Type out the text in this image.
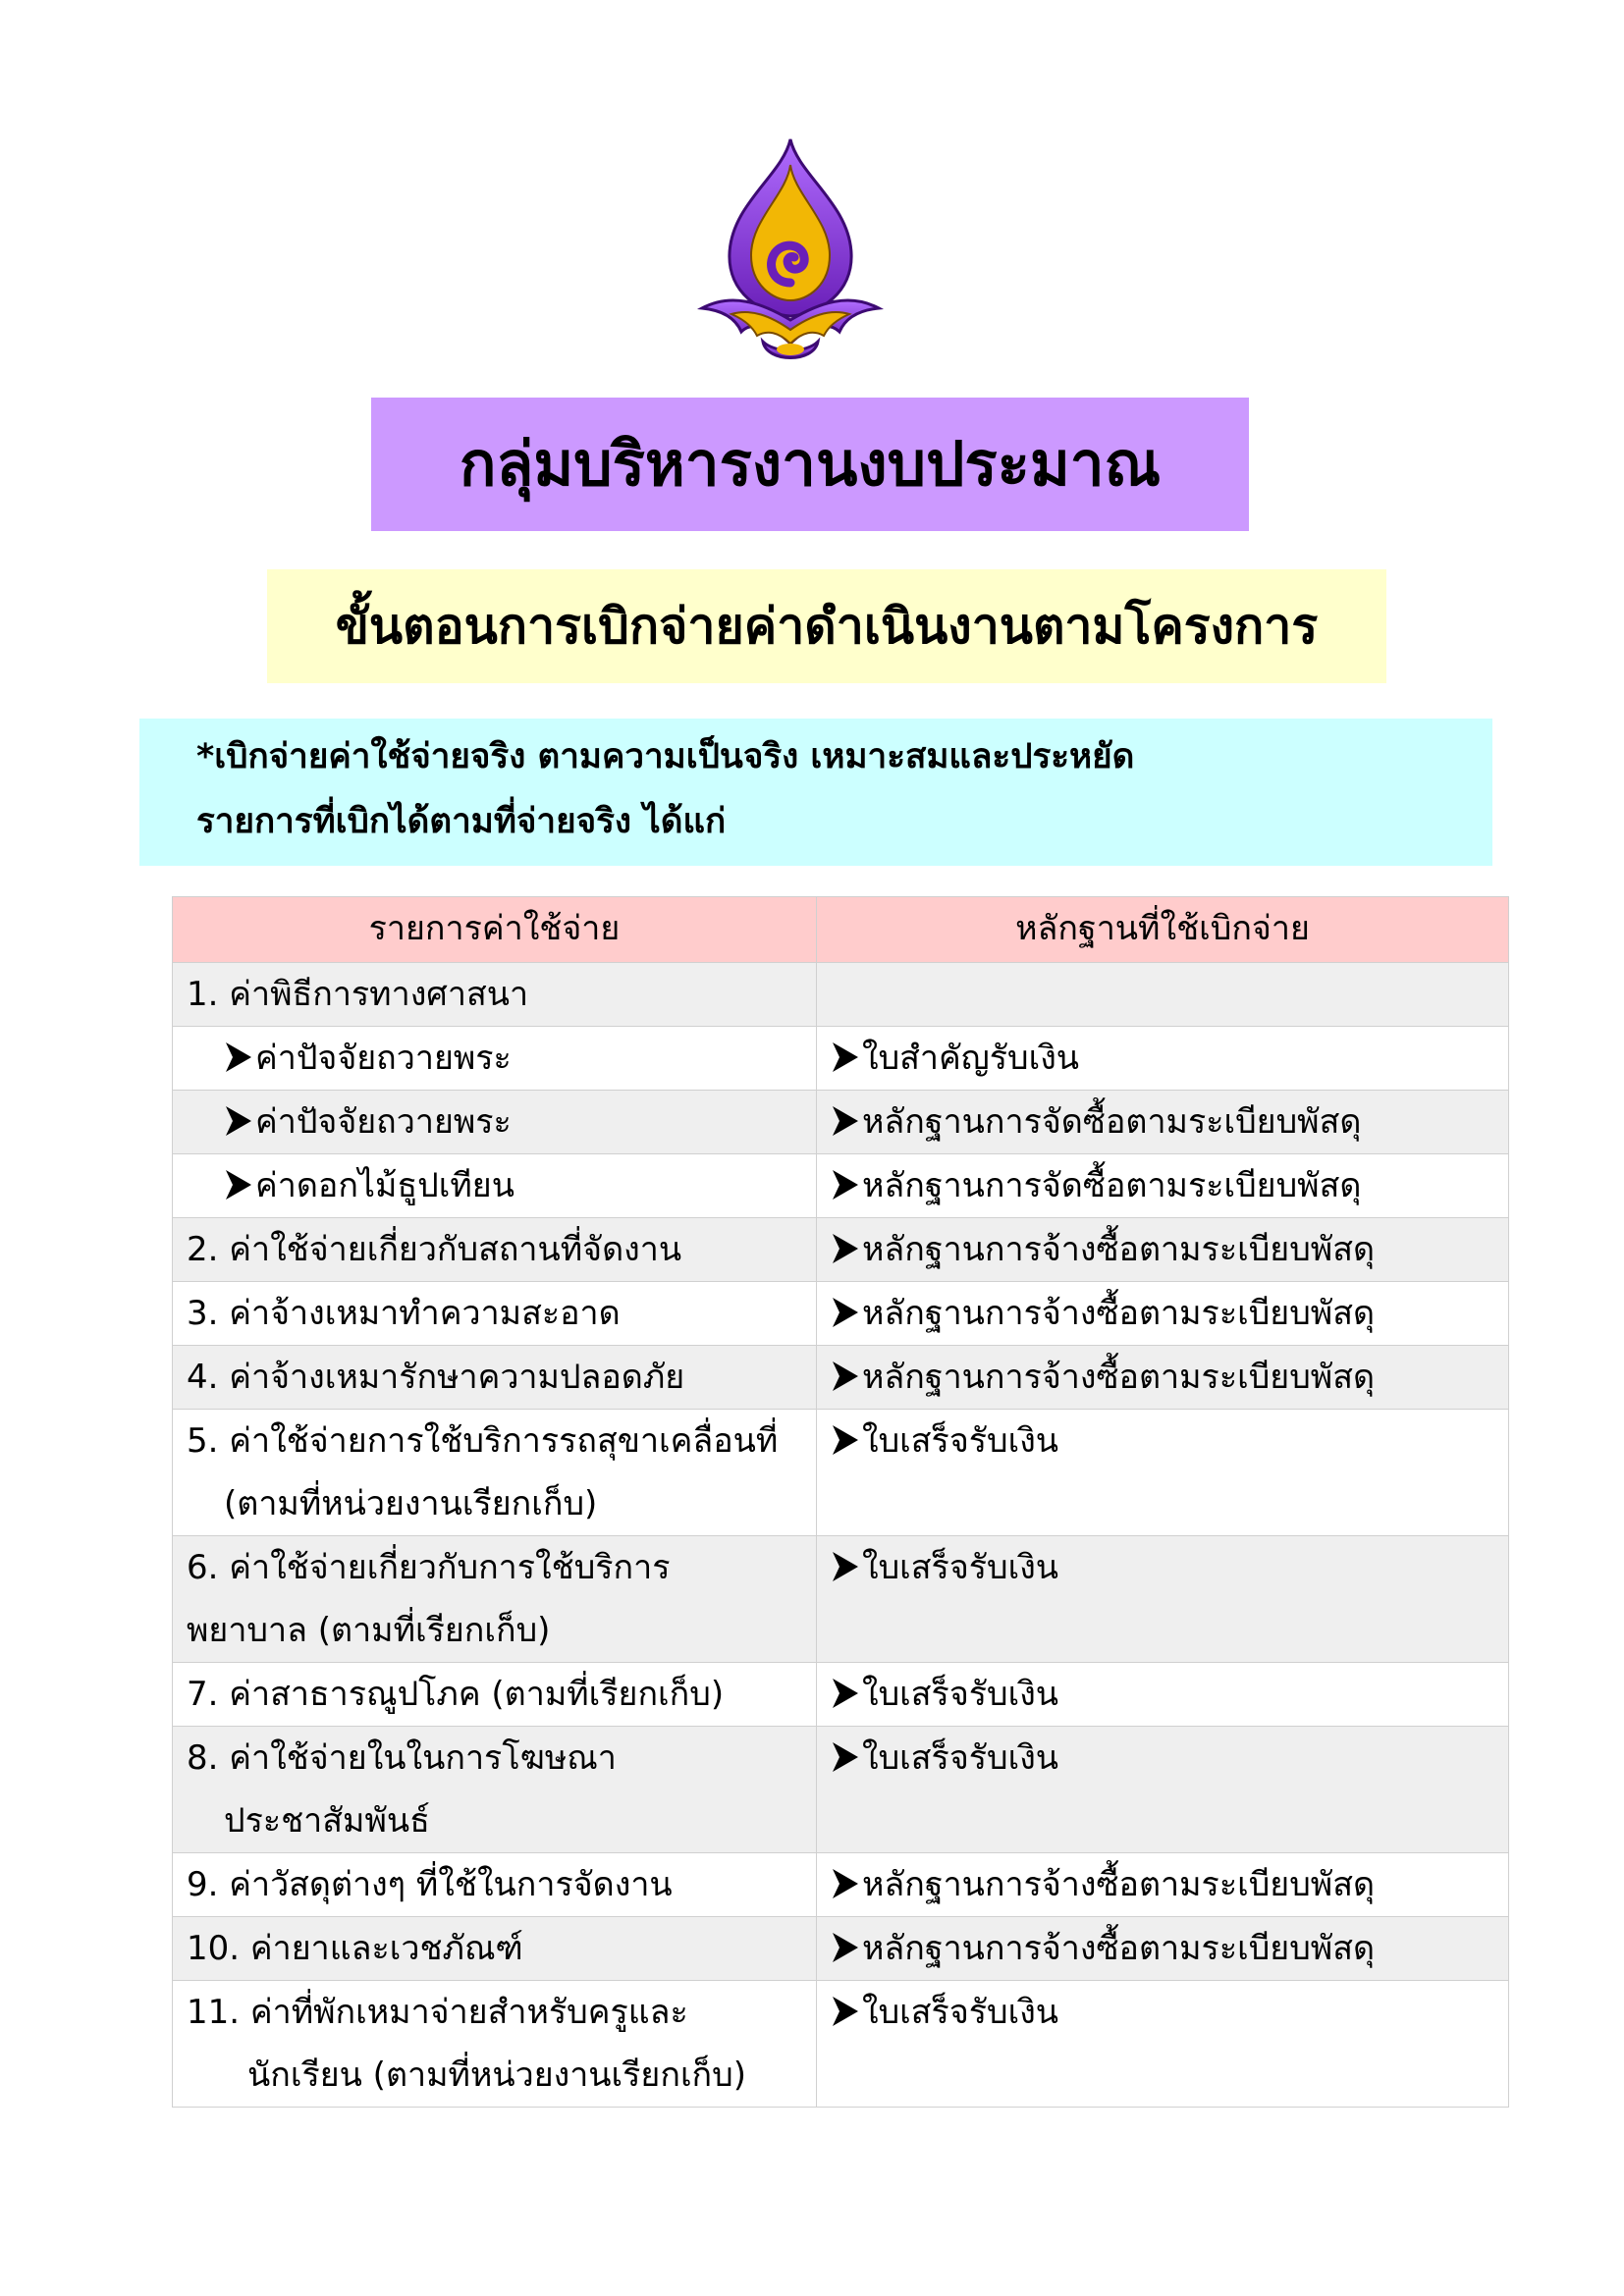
กลุ่มบริหารงานงบประมาณ
ขั้นตอนการเบิกจ่ายค่าดำเนินงานตามโครงการ
*เบิกจ่ายค่าใช้จ่ายจริง ตามความเป็นจริง เหมาะสมและประหยัด
รายการที่เบิกได้ตามที่จ่ายจริง ได้แก่
รายการค่าใช้จ่าย	หลักฐานที่ใช้เบิกจ่าย
1. ค่าพิธีการทางศาสนา	
ค่าปัจจัยถวายพระ	ใบสำคัญรับเงิน
ค่าปัจจัยถวายพระ	หลักฐานการจัดซื้อตามระเบียบพัสดุ
ค่าดอกไม้ธูปเทียน	หลักฐานการจัดซื้อตามระเบียบพัสดุ
2. ค่าใช้จ่ายเกี่ยวกับสถานที่จัดงาน	หลักฐานการจ้างซื้อตามระเบียบพัสดุ
3. ค่าจ้างเหมาทำความสะอาด	หลักฐานการจ้างซื้อตามระเบียบพัสดุ
4. ค่าจ้างเหมารักษาความปลอดภัย	หลักฐานการจ้างซื้อตามระเบียบพัสดุ
5. ค่าใช้จ่ายการใช้บริการรถสุขาเคลื่อนที่
(ตามที่หน่วยงานเรียกเก็บ)	ใบเสร็จรับเงิน
6. ค่าใช้จ่ายเกี่ยวกับการใช้บริการ
พยาบาล (ตามที่เรียกเก็บ)	ใบเสร็จรับเงิน
7. ค่าสาธารณูปโภค (ตามที่เรียกเก็บ)	ใบเสร็จรับเงิน
8. ค่าใช้จ่ายในในการโฆษณา
ประชาสัมพันธ์	ใบเสร็จรับเงิน
9. ค่าวัสดุต่างๆ ที่ใช้ในการจัดงาน	หลักฐานการจ้างซื้อตามระเบียบพัสดุ
10. ค่ายาและเวชภัณฑ์	หลักฐานการจ้างซื้อตามระเบียบพัสดุ
11. ค่าที่พักเหมาจ่ายสำหรับครูและ
นักเรียน (ตามที่หน่วยงานเรียกเก็บ)	ใบเสร็จรับเงิน
